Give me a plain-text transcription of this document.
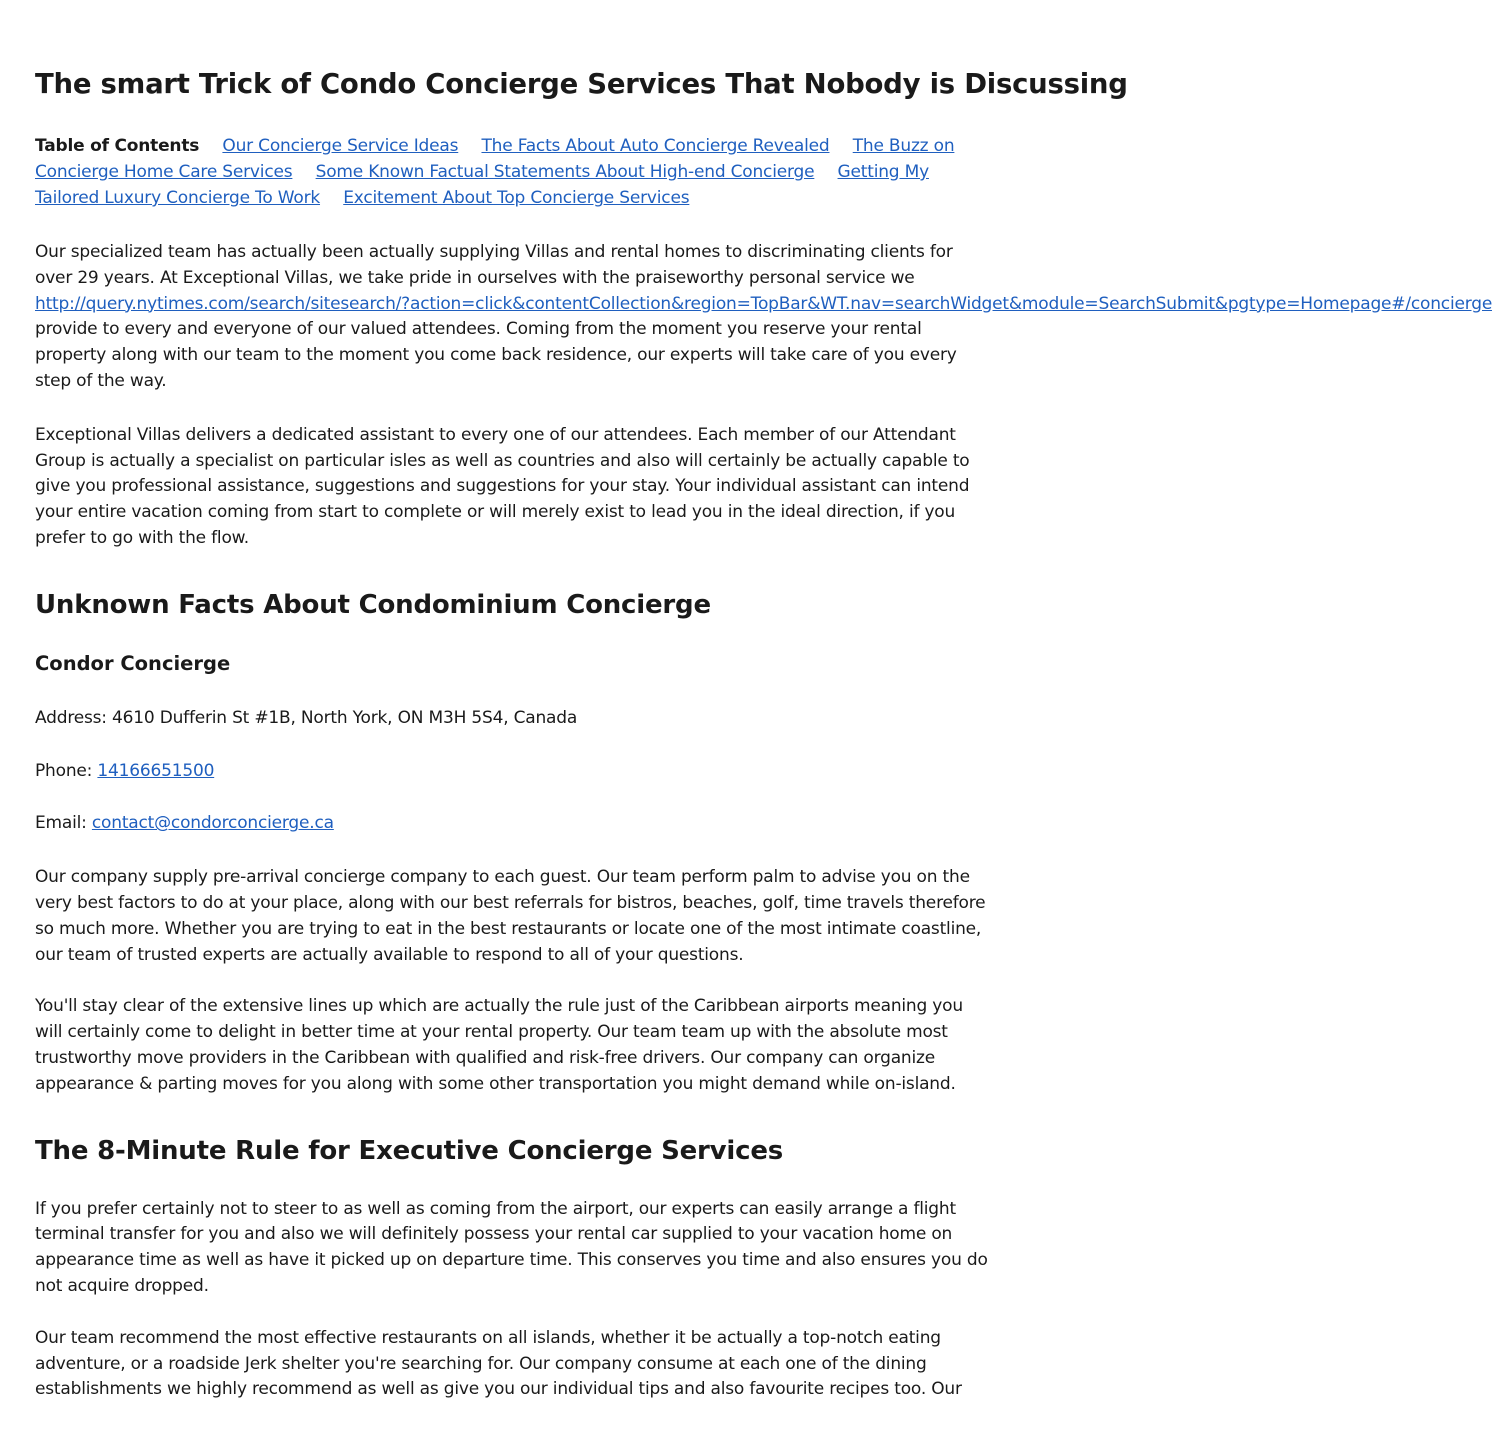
The smart Trick of Condo Concierge Services That Nobody is Discussing
Table of Contents Our Concierge Service Ideas The Facts About Auto Concierge Revealed The Buzz on Concierge Home Care Services Some Known Factual Statements About High-end Concierge Getting My Tailored Luxury Concierge To Work Excitement About Top Concierge Services

Our specialized team has actually been actually supplying Villas and rental homes to discriminating clients for over 29 years. At Exceptional Villas, we take pride in ourselves with the praiseworthy personal service we
http://query.nytimes.com/search/sitesearch/?action=click&contentCollection&region=TopBar&WT.nav=searchWidget&module=SearchSubmit&pgtype=Homepage#/concierge
provide to every and everyone of our valued attendees. Coming from the moment you reserve your rental property along with our team to the moment you come back residence, our experts will take care of you every step of the way.

Exceptional Villas delivers a dedicated assistant to every one of our attendees. Each member of our Attendant Group is actually a specialist on particular isles as well as countries and also will certainly be actually capable to give you professional assistance, suggestions and suggestions for your stay. Your individual assistant can intend your entire vacation coming from start to complete or will merely exist to lead you in the ideal direction, if you prefer to go with the flow.

Unknown Facts About Condominium Concierge
Condor Concierge

Address: 4610 Dufferin St #1B, North York, ON M3H 5S4, Canada

Phone: 14166651500

Email: contact@condorconcierge.ca

Our company supply pre-arrival concierge company to each guest. Our team perform palm to advise you on the very best factors to do at your place, along with our best referrals for bistros, beaches, golf, time travels therefore so much more. Whether you are trying to eat in the best restaurants or locate one of the most intimate coastline, our team of trusted experts are actually available to respond to all of your questions.

You'll stay clear of the extensive lines up which are actually the rule just of the Caribbean airports meaning you will certainly come to delight in better time at your rental property. Our team team up with the absolute most trustworthy move providers in the Caribbean with qualified and risk-free drivers. Our company can organize appearance & parting moves for you along with some other transportation you might demand while on-island.

The 8-Minute Rule for Executive Concierge Services

If you prefer certainly not to steer to as well as coming from the airport, our experts can easily arrange a flight terminal transfer for you and also we will definitely possess your rental car supplied to your vacation home on appearance time as well as have it picked up on departure time. This conserves you time and also ensures you do not acquire dropped.

Our team recommend the most effective restaurants on all islands, whether it be actually a top-notch eating adventure, or a roadside Jerk shelter you're searching for. Our company consume at each one of the dining establishments we highly recommend as well as give you our individual tips and also favourite recipes too. Our
